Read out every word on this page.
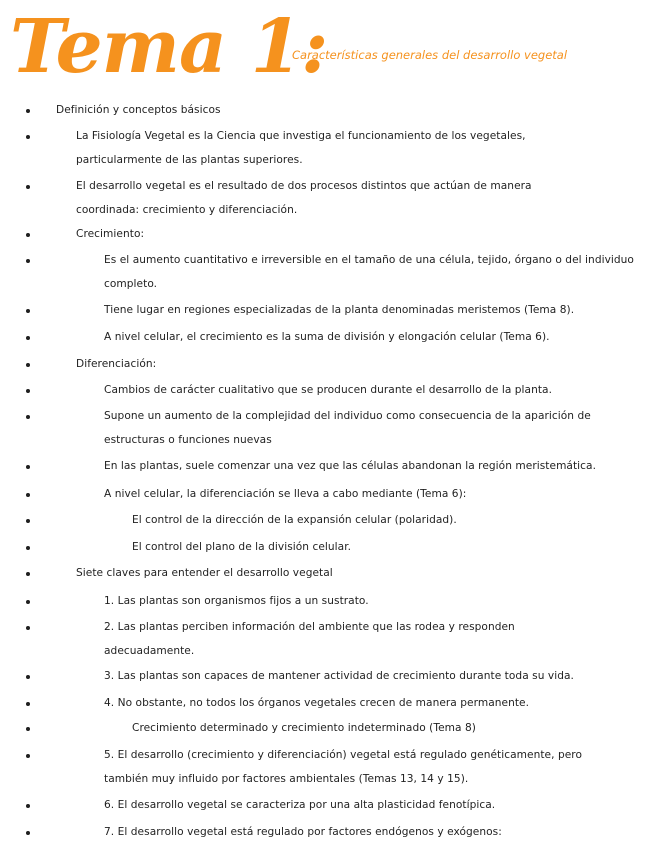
Tema 1:
Características generales del desarrollo vegetal
Definición y conceptos básicos
La Fisiología Vegetal es la Ciencia que investiga el funcionamiento de los vegetales, particularmente de las plantas superiores.
El desarrollo vegetal es el resultado de dos procesos distintos que actúan de manera coordinada: crecimiento y diferenciación.
Crecimiento:
Es el aumento cuantitativo e irreversible en el tamaño de una célula, tejido, órgano o del individuo completo.
Tiene lugar en regiones especializadas de la planta denominadas meristemos (Tema 8).
A nivel celular, el crecimiento es la suma de división y elongación celular (Tema 6).
Diferenciación:
Cambios de carácter cualitativo que se producen durante el desarrollo de la planta.
Supone un aumento de la complejidad del individuo como consecuencia de la aparición de estructuras o funciones nuevas
En las plantas, suele comenzar una vez que las células abandonan la región meristemática.
A nivel celular, la diferenciación se lleva a cabo mediante (Tema 6):
El control de la dirección de la expansión celular (polaridad).
El control del plano de la división celular.
Siete claves para entender el desarrollo vegetal
1. Las plantas son organismos fijos a un sustrato.
2. Las plantas perciben información del ambiente que las rodea y responden adecuadamente.
3. Las plantas son capaces de mantener actividad de crecimiento durante toda su vida.
4. No obstante, no todos los órganos vegetales crecen de manera permanente.
Crecimiento determinado y crecimiento indeterminado (Tema 8)
5. El desarrollo (crecimiento y diferenciación) vegetal está regulado genéticamente, pero también muy influido por factores ambientales (Temas 13, 14 y 15).
6. El desarrollo vegetal se caracteriza por una alta plasticidad fenotípica.
7. El desarrollo vegetal está regulado por factores endógenos y exógenos:
